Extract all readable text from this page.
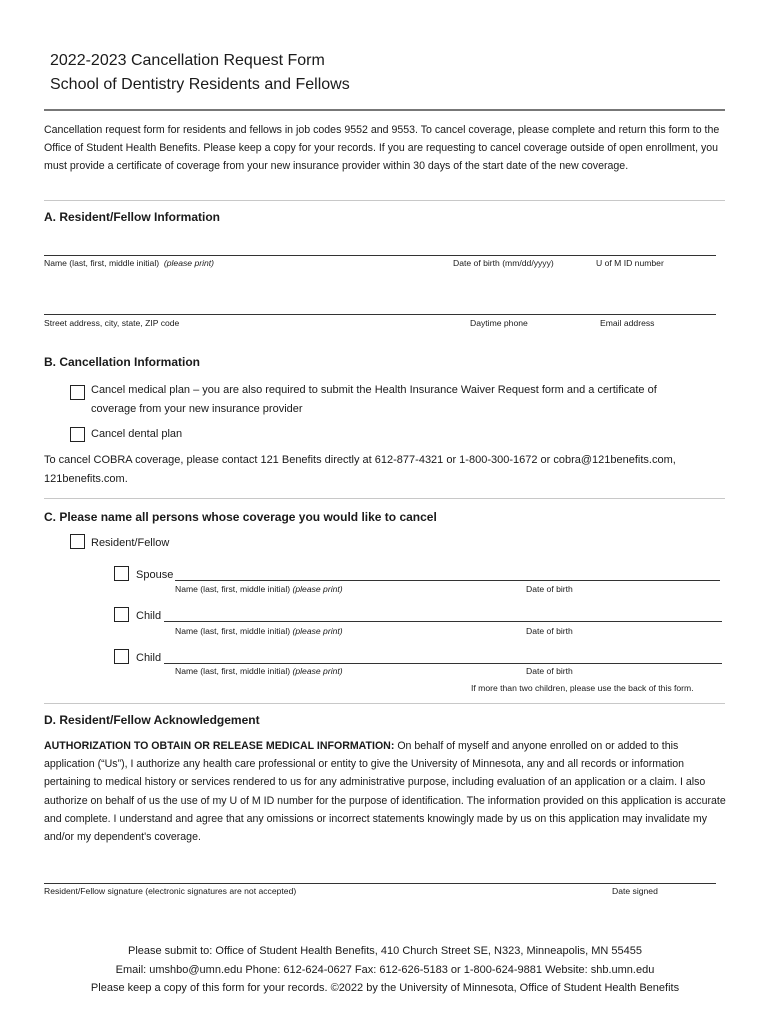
2022-2023 Cancellation Request Form
School of Dentistry Residents and Fellows
Cancellation request form for residents and fellows in job codes 9552 and 9553. To cancel coverage, please complete and return this form to the Office of Student Health Benefits. Please keep a copy for your records. If you are requesting to cancel coverage outside of open enrollment, you must provide a certificate of coverage from your new insurance provider within 30 days of the start date of the new coverage.
A. Resident/Fellow Information
Name (last, first, middle initial) (please print)	Date of birth (mm/dd/yyyy)	U of M ID number
Street address, city, state, ZIP code	Daytime phone	Email address
B. Cancellation Information
Cancel medical plan – you are also required to submit the Health Insurance Waiver Request form and a certificate of
coverage from your new insurance provider
Cancel dental plan
To cancel COBRA coverage, please contact 121 Benefits directly at 612-877-4321 or 1-800-300-1672 or cobra@121benefits.com,
121benefits.com.
C. Please name all persons whose coverage you would like to cancel
Resident/Fellow
Spouse
Name (last, first, middle initial) (please print)	Date of birth
Child
Name (last, first, middle initial) (please print)	Date of birth
Child
Name (last, first, middle initial) (please print)	Date of birth
If more than two children, please use the back of this form.
D. Resident/Fellow Acknowledgement
AUTHORIZATION TO OBTAIN OR RELEASE MEDICAL INFORMATION: On behalf of myself and anyone enrolled on or added to this application (“Us”), I authorize any health care professional or entity to give the University of Minnesota, any and all records or information pertaining to medical history or services rendered to us for any administrative purpose, including evaluation of an application or a claim. I also authorize on behalf of us the use of my U of M ID number for the purpose of identification. The information provided on this application is accurate and complete. I understand and agree that any omissions or incorrect statements knowingly made by us on this application may invalidate my and/or my dependent's coverage.
Resident/Fellow signature (electronic signatures are not accepted)	Date signed
Please submit to: Office of Student Health Benefits, 410 Church Street SE, N323, Minneapolis, MN 55455
Email: umshbo@umn.edu Phone: 612-624-0627 Fax: 612-626-5183 or 1-800-624-9881 Website: shb.umn.edu
Please keep a copy of this form for your records. ©2022 by the University of Minnesota, Office of Student Health Benefits
